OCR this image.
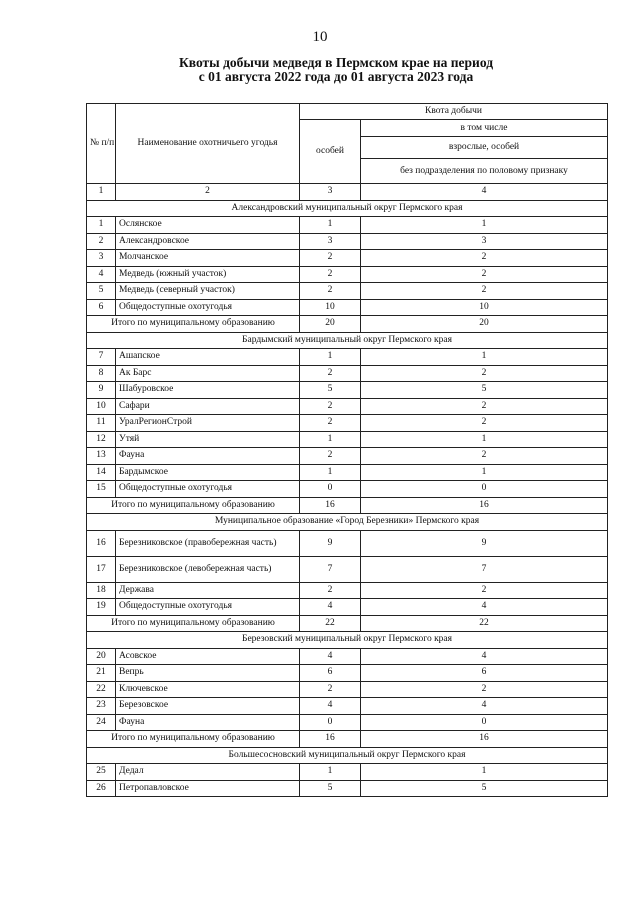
10
Квоты добычи медведя в Пермском крае на период
с 01 августа 2022 года до 01 августа 2023 года
№ п/п	Наименование охотничьего угодья	Квота добычи	
		особей	в том числе
			взрослые, особей
			без подразделения по половому признаку
1	2	3	4
Александровский муниципальный округ Пермского края			
1	Ослянское	1	1
2	Александровское	3	3
3	Молчанское	2	2
4	Медведь (южный участок)	2	2
5	Медведь (северный участок)	2	2
6	Общедоступные охотугодья	10	10
Итого по муниципальному образованию		20	20
Бардымский муниципальный округ Пермского края			
7	Ашапское	1	1
8	Ак Барс	2	2
9	Шабуровское	5	5
10	Сафари	2	2
11	УралРегионСтрой	2	2
12	Утяй	1	1
13	Фауна	2	2
14	Бардымское	1	1
15	Общедоступные охотугодья	0	0
Итого по муниципальному образованию		16	16
Муниципальное образование «Город Березники» Пермского края			
16	Березниковское (правобережная часть)	9	9
17	Березниковское (левобережная часть)	7	7
18	Держава	2	2
19	Общедоступные охотугодья	4	4
Итого по муниципальному образованию		22	22
Березовский муниципальный округ Пермского края			
20	Асовское	4	4
21	Вепрь	6	6
22	Ключевское	2	2
23	Березовское	4	4
24	Фауна	0	0
Итого по муниципальному образованию		16	16
Большесосновский муниципальный округ Пермского края			
25	Дедал	1	1
26	Петропавловское	5	5
